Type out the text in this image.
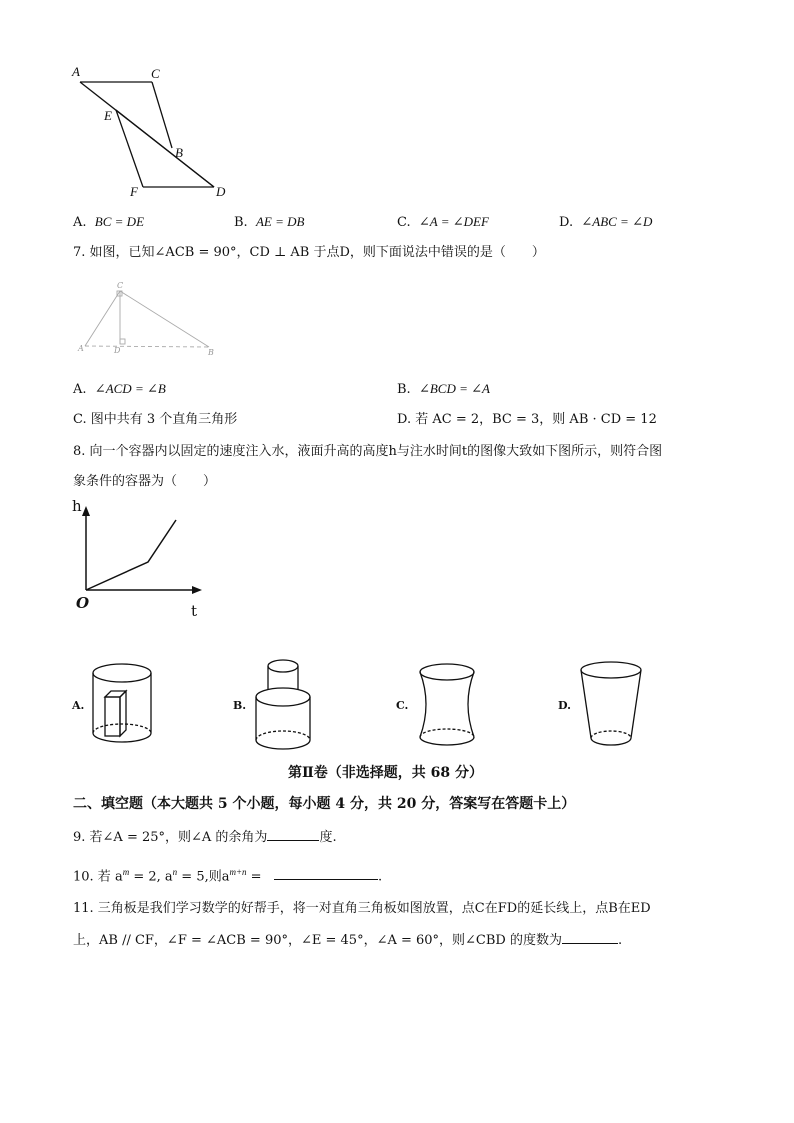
A	C
E
B
F	D
A. BC = DE	B. AE = DB	C. ∠A = ∠DEF	D. ∠ABC = ∠D
7. 如图，已知∠ACB = 90°，CD ⊥ AB 于点D，则下面说法中错误的是（　　）
C
A	D	B
A. ∠ACD = ∠B	B. ∠BCD = ∠A
C. 图中共有 3 个直角三角形	D. 若 AC = 2，BC = 3，则 AB · CD = 12
8. 向一个容器内以固定的速度注入水，液面升高的高度h与注水时间t的图像大致如下图所示，则符合图
象条件的容器为（　　）
h
t
O
A.	B.	C.	D.
第Ⅱ卷（非选择题，共 68 分）
二、填空题（本大题共 5 个小题，每小题 4 分，共 20 分，答案写在答题卡上）
9. 若∠A = 25°，则∠A 的余角为	度.
10. 若 $a^m = 2$, $a^n = 5$,则$a^{m+n}$ =	.
11. 三角板是我们学习数学的好帮手，将一对直角三角板如图放置，点C在FD的延长线上，点B在ED
上，AB // CF，∠F = ∠ACB = 90°，∠E = 45°，∠A = 60°，则∠CBD 的度数为	.
